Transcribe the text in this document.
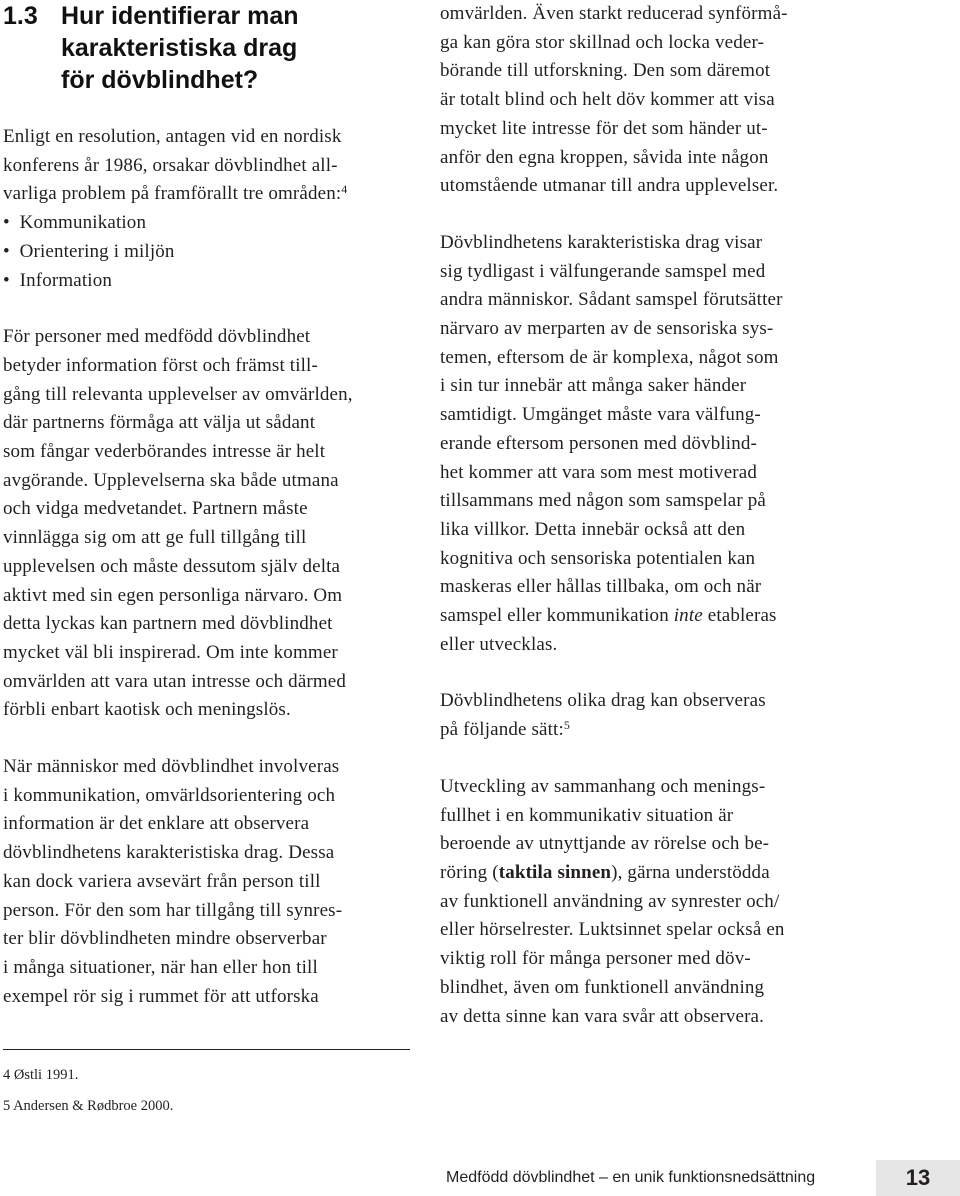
1.3 Hur identifierar man
karakteristiska drag
för dövblindhet?
Enligt en resolution, antagen vid en nordisk
konferens år 1986, orsakar dövblindhet all-
varliga problem på framförallt tre områden:$^4$
•  Kommunikation
•  Orientering i miljön
•  Information
För personer med medfödd dövblindhet
betyder information först och främst till-
gång till relevanta upplevelser av omvärlden,
där partnerns förmåga att välja ut sådant
som fångar vederbörandes intresse är helt
avgörande. Upplevelserna ska både utmana
och vidga medvetandet. Partnern måste
vinnlägga sig om att ge full tillgång till
upplevelsen och måste dessutom själv delta
aktivt med sin egen personliga närvaro. Om
detta lyckas kan partnern med dövblindhet
mycket väl bli inspirerad. Om inte kommer
omvärlden att vara utan intresse och därmed
förbli enbart kaotisk och meningslös.
När människor med dövblindhet involveras
i kommunikation, omvärldsorientering och
information är det enklare att observera
dövblindhetens karakteristiska drag. Dessa
kan dock variera avsevärt från person till
person. För den som har tillgång till synres-
ter blir dövblindheten mindre observerbar
i många situationer, när han eller hon till
exempel rör sig i rummet för att utforska
omvärlden. Även starkt reducerad synförmå-
ga kan göra stor skillnad och locka veder-
börande till utforskning. Den som däremot
är totalt blind och helt döv kommer att visa
mycket lite intresse för det som händer ut-
anför den egna kroppen, såvida inte någon
utomstående utmanar till andra upplevelser.
Dövblindhetens karakteristiska drag visar
sig tydligast i välfungerande samspel med
andra människor. Sådant samspel förutsätter
närvaro av merparten av de sensoriska sys-
temen, eftersom de är komplexa, något som
i sin tur innebär att många saker händer
samtidigt. Umgänget måste vara välfung-
erande eftersom personen med dövblind-
het kommer att vara som mest motiverad
tillsammans med någon som samspelar på
lika villkor. Detta innebär också att den
kognitiva och sensoriska potentialen kan
maskeras eller hållas tillbaka, om och när
samspel eller kommunikation inte etableras
eller utvecklas.
Dövblindhetens olika drag kan observeras
på följande sätt:$^5$
Utveckling av sammanhang och menings-
fullhet i en kommunikativ situation är
beroende av utnyttjande av rörelse och be-
röring (taktila sinnen), gärna understödda
av funktionell användning av synrester och/
eller hörselrester. Luktsinnet spelar också en
viktig roll för många personer med döv-
blindhet, även om funktionell användning
av detta sinne kan vara svår att observera.
4 Østli 1991.
5 Andersen & Rødbroe 2000.
Medfödd dövblindhet – en unik funktionsnedsättning	13
